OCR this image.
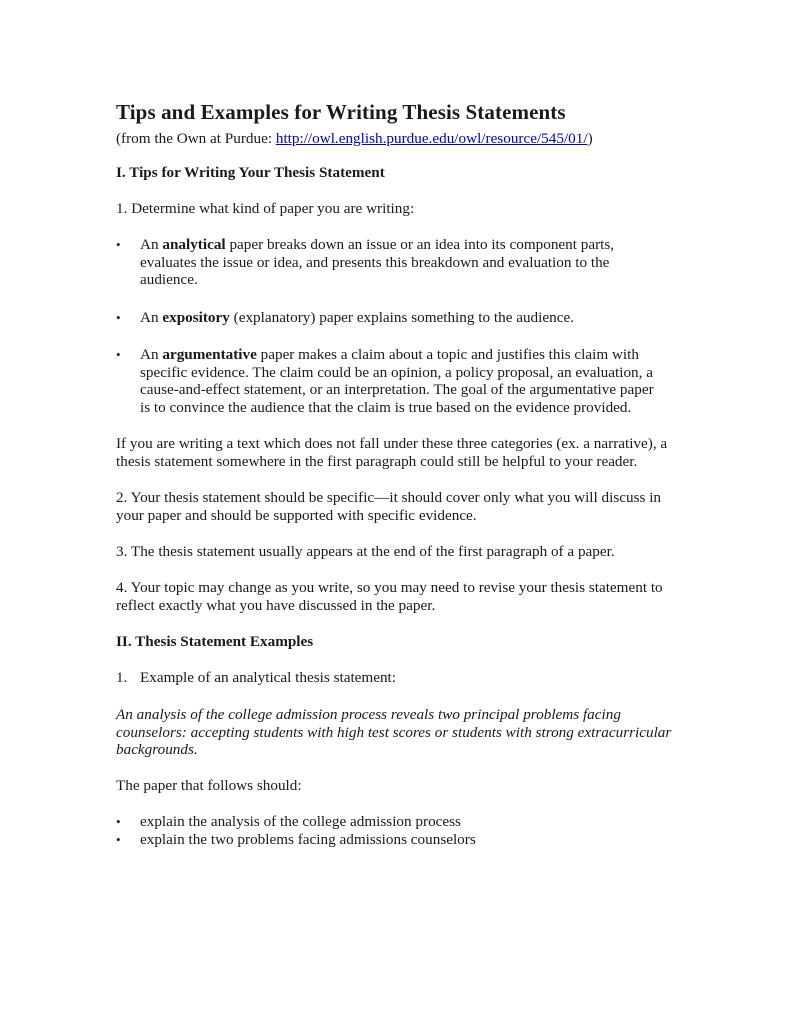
Tips and Examples for Writing Thesis Statements

(from the Own at Purdue: http://owl.english.purdue.edu/owl/resource/545/01/)

I. Tips for Writing Your Thesis Statement

1. Determine what kind of paper you are writing:

• An analytical paper breaks down an issue or an idea into its component parts, evaluates the issue or idea, and presents this breakdown and evaluation to the audience.
• An expository (explanatory) paper explains something to the audience.
• An argumentative paper makes a claim about a topic and justifies this claim with specific evidence. The claim could be an opinion, a policy proposal, an evaluation, a cause-and-effect statement, or an interpretation. The goal of the argumentative paper is to convince the audience that the claim is true based on the evidence provided.

If you are writing a text which does not fall under these three categories (ex. a narrative), a thesis statement somewhere in the first paragraph could still be helpful to your reader.

2. Your thesis statement should be specific—it should cover only what you will discuss in your paper and should be supported with specific evidence.

3. The thesis statement usually appears at the end of the first paragraph of a paper.

4. Your topic may change as you write, so you may need to revise your thesis statement to reflect exactly what you have discussed in the paper.

II. Thesis Statement Examples
1. Example of an analytical thesis statement:

An analysis of the college admission process reveals two principal problems facing counselors: accepting students with high test scores or students with strong extracurricular backgrounds.

The paper that follows should:

• explain the analysis of the college admission process
• explain the two problems facing admissions counselors
